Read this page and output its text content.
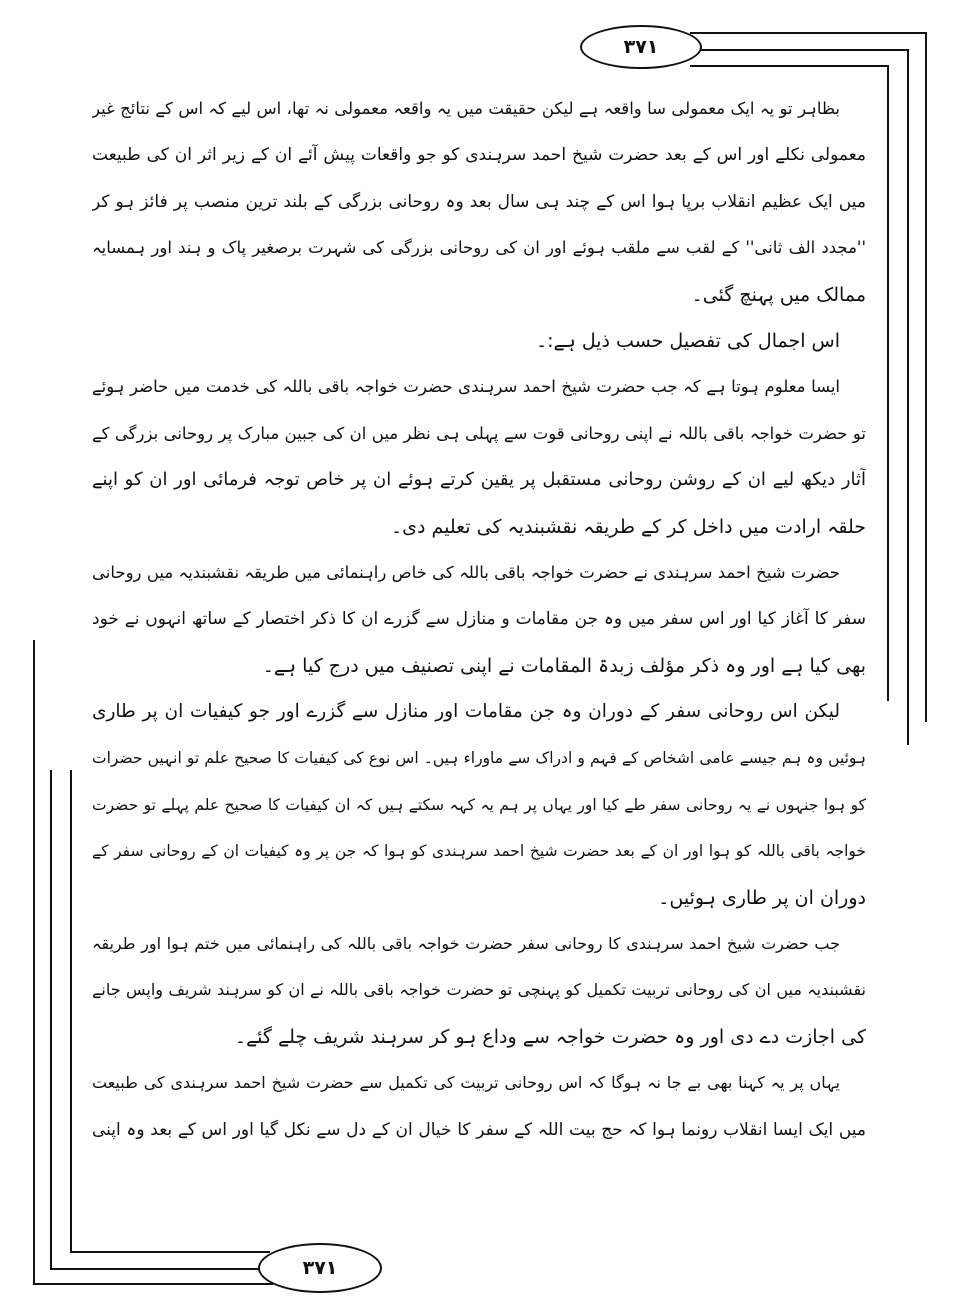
۳۷۱
۳۷۱
بظاہر تو یہ ایک معمولی سا واقعہ ہے لیکن حقیقت میں یہ واقعہ معمولی نہ تھا، اس لیے کہ اس کے نتائج غیر
معمولی نکلے اور اس کے بعد حضرت شیخ احمد سرہندی کو جو واقعات پیش آئے ان کے زیر اثر ان کی طبیعت
میں ایک عظیم انقلاب برپا ہوا اس کے چند ہی سال بعد وہ روحانی بزرگی کے بلند ترین منصب پر فائز ہو کر
''مجدد الف ثانی'' کے لقب سے ملقب ہوئے اور ان کی روحانی بزرگی کی شہرت برصغیر پاک و ہند اور ہمسایہ
ممالک میں پہنچ گئی۔
اس اجمال کی تفصیل حسب ذیل ہے:۔
ایسا معلوم ہوتا ہے کہ جب حضرت شیخ احمد سرہندی حضرت خواجہ باقی باللہ کی خدمت میں حاضر ہوئے
تو حضرت خواجہ باقی باللہ نے اپنی روحانی قوت سے پہلی ہی نظر میں ان کی جبین مبارک پر روحانی بزرگی کے
آثار دیکھ لیے ان کے روشن روحانی مستقبل پر یقین کرتے ہوئے ان پر خاص توجہ فرمائی اور ان کو اپنے
حلقہ ارادت میں داخل کر کے طریقہ نقشبندیہ کی تعلیم دی۔
حضرت شیخ احمد سرہندی نے حضرت خواجہ باقی باللہ کی خاص راہنمائی میں طریقہ نقشبندیہ میں روحانی
سفر کا آغاز کیا اور اس سفر میں وہ جن مقامات و منازل سے گزرے ان کا ذکر اختصار کے ساتھ انہوں نے خود
بھی کیا ہے اور وہ ذکر مؤلف زبدۃ المقامات نے اپنی تصنیف میں درج کیا ہے۔
لیکن اس روحانی سفر کے دوران وہ جن مقامات اور منازل سے گزرے اور جو کیفیات ان پر طاری
ہوئیں وہ ہم جیسے عامی اشخاص کے فہم و ادراک سے ماوراء ہیں۔ اس نوع کی کیفیات کا صحیح علم تو انہیں حضرات
کو ہوا جنہوں نے یہ روحانی سفر طے کیا اور یہاں پر ہم یہ کہہ سکتے ہیں کہ ان کیفیات کا صحیح علم پہلے تو حضرت
خواجہ باقی باللہ کو ہوا اور ان کے بعد حضرت شیخ احمد سرہندی کو ہوا کہ جن پر وہ کیفیات ان کے روحانی سفر کے
دوران ان پر طاری ہوئیں۔
جب حضرت شیخ احمد سرہندی کا روحانی سفر حضرت خواجہ باقی باللہ کی راہنمائی میں ختم ہوا اور طریقہ
نقشبندیہ میں ان کی روحانی تربیت تکمیل کو پہنچی تو حضرت خواجہ باقی باللہ نے ان کو سرہند شریف واپس جانے
کی اجازت دے دی اور وہ حضرت خواجہ سے وداع ہو کر سرہند شریف چلے گئے۔
یہاں پر یہ کہنا بھی بے جا نہ ہوگا کہ اس روحانی تربیت کی تکمیل سے حضرت شیخ احمد سرہندی کی طبیعت
میں ایک ایسا انقلاب رونما ہوا کہ حج بیت اللہ کے سفر کا خیال ان کے دل سے نکل گیا اور اس کے بعد وہ اپنی
